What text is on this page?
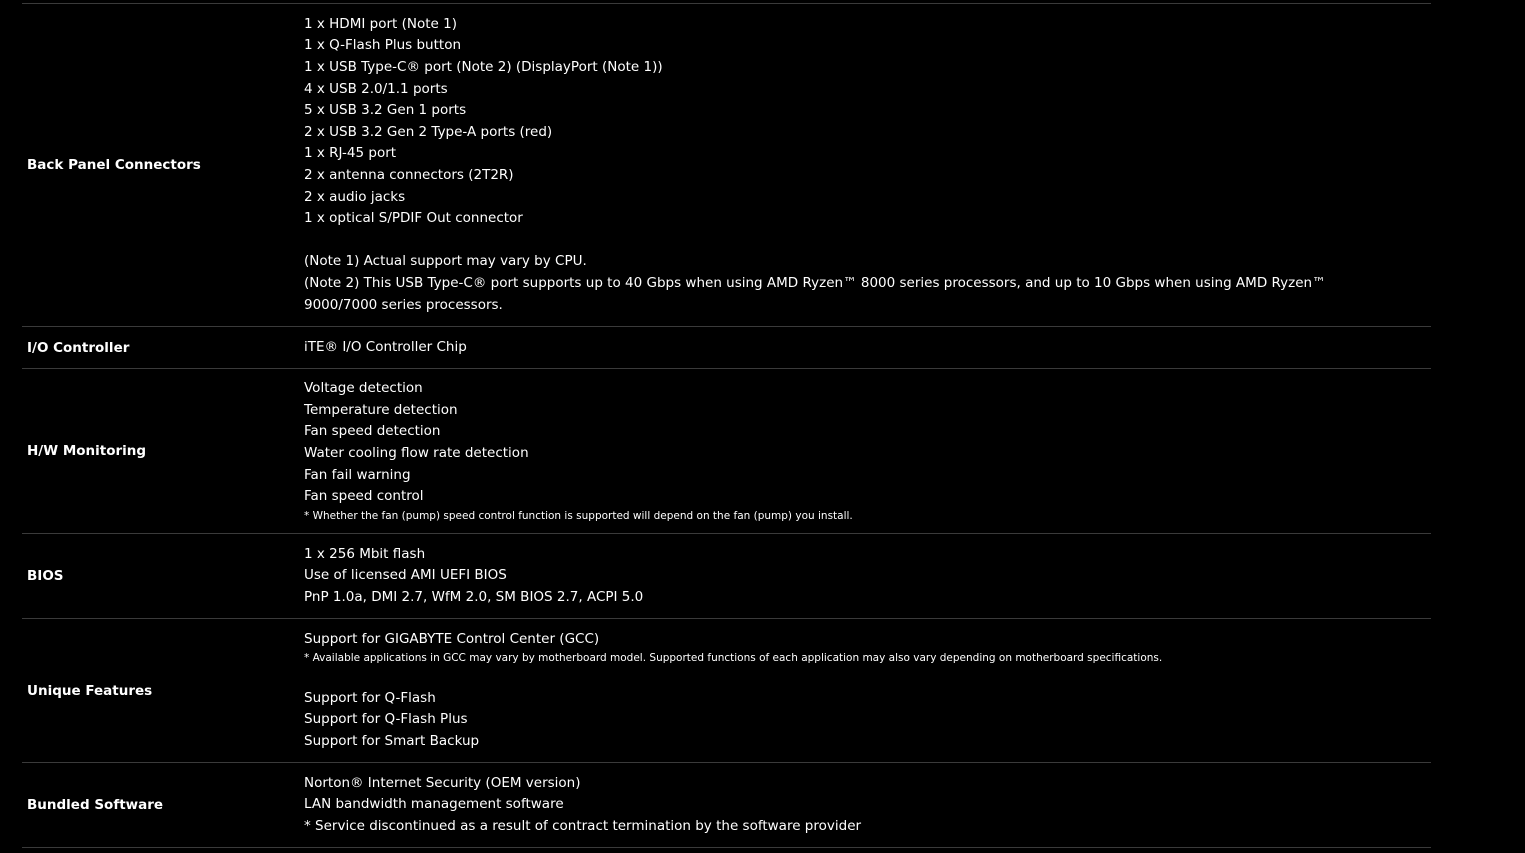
Back Panel Connectors
1 x HDMI port (Note 1)
1 x Q-Flash Plus button
1 x USB Type-C® port (Note 2) (DisplayPort (Note 1))
4 x USB 2.0/1.1 ports
5 x USB 3.2 Gen 1 ports
2 x USB 3.2 Gen 2 Type-A ports (red)
1 x RJ-45 port
2 x antenna connectors (2T2R)
2 x audio jacks
1 x optical S/PDIF Out connector
(Note 1) Actual support may vary by CPU.
(Note 2) This USB Type-C® port supports up to 40 Gbps when using AMD Ryzen™ 8000 series processors, and up to 10 Gbps when using AMD Ryzen™ 9000/7000 series processors.
I/O Controller	iTE® I/O Controller Chip
H/W Monitoring
Voltage detection
Temperature detection
Fan speed detection
Water cooling flow rate detection
Fan fail warning
Fan speed control
* Whether the fan (pump) speed control function is supported will depend on the fan (pump) you install.
BIOS
1 x 256 Mbit flash
Use of licensed AMI UEFI BIOS
PnP 1.0a, DMI 2.7, WfM 2.0, SM BIOS 2.7, ACPI 5.0
Unique Features
Support for GIGABYTE Control Center (GCC)
* Available applications in GCC may vary by motherboard model. Supported functions of each application may also vary depending on motherboard specifications.
Support for Q-Flash
Support for Q-Flash Plus
Support for Smart Backup
Bundled Software
Norton® Internet Security (OEM version)
LAN bandwidth management software
* Service discontinued as a result of contract termination by the software provider
